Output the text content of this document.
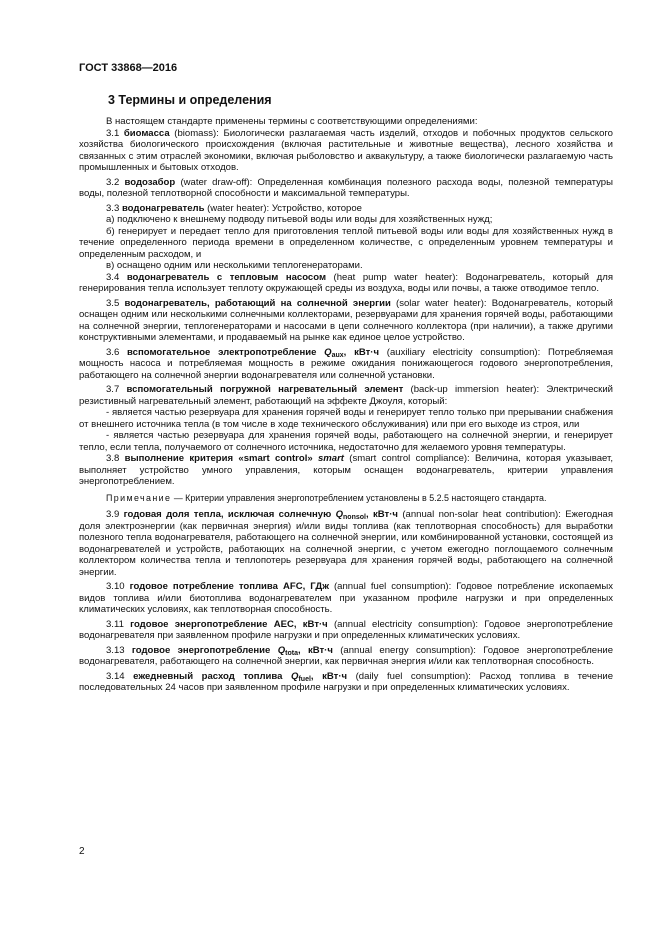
ГОСТ 33868—2016
3 Термины и определения

В настоящем стандарте применены термины с соответствующими определениями:

3.1 биомасса (biomass): Биологически разлагаемая часть изделий, отходов и побочных продуктов сельского хозяйства биологического происхождения (включая растительные и животные вещества), лесного хозяйства и связанных с этим отраслей экономики, включая рыболовство и аквакультуру, а также биологически разлагаемую часть промышленных и бытовых отходов.

3.2 водозабор (water draw-off): Определенная комбинация полезного расхода воды, полезной температуры воды, полезной теплотворной способности и максимальной температуры.

3.3 водонагреватель (water heater): Устройство, которое

а) подключено к внешнему подводу питьевой воды или воды для хозяйственных нужд;

б) генерирует и передает тепло для приготовления теплой питьевой воды или воды для хозяйственных нужд в течение определенного периода времени в определенном количестве, с определенным уровнем температуры и определенным расходом, и

в) оснащено одним или несколькими теплогенераторами.

3.4 водонагреватель с тепловым насосом (heat pump water heater): Водонагреватель, который для генерирования тепла использует теплоту окружающей среды из воздуха, воды или почвы, а также отводимое тепло.

3.5 водонагреватель, работающий на солнечной энергии (solar water heater): Водонагреватель, который оснащен одним или несколькими солнечными коллекторами, резервуарами для хранения горячей воды, работающими на солнечной энергии, теплогенераторами и насосами в цепи солнечного коллектора (при наличии), а также другими конструктивными элементами, и продаваемый на рынке как единое целое устройство.

3.6 вспомогательное электропотребление $Q_{aux}$, кВт·ч (auxiliary electricity consumption): Потребляемая мощность насоса и потребляемая мощность в режиме ожидания понижающегося годового энергопотребления, работающего на солнечной энергии водонагревателя или солнечной установки.

3.7 вспомогательный погружной нагревательный элемент (back-up immersion heater): Электрический резистивный нагревательный элемент, работающий на эффекте Джоуля, который:

- является частью резервуара для хранения горячей воды и генерирует тепло только при прерывании снабжения от внешнего источника тепла (в том числе в ходе технического обслуживания) или при его выходе из строя, или

- является частью резервуара для хранения горячей воды, работающего на солнечной энергии, и генерирует тепло, если тепла, получаемого от солнечного источника, недостаточно для желаемого уровня температуры.

3.8 выполнение критерия «smart control» smart (smart control compliance): Величина, которая указывает, выполняет устройство умного управления, которым оснащен водонагреватель, критерии управления энергопотреблением.

Примечание — Критерии управления энергопотреблением установлены в 5.2.5 настоящего стандарта.

3.9 годовая доля тепла, исключая солнечную $Q_{nonsol}$, кВт·ч (annual non-solar heat contribution): Ежегодная доля электроэнергии (как первичная энергия) и/или виды топлива (как теплотворная способность) для выработки полезного тепла водонагревателя, работающего на солнечной энергии, или комбинированной установки, состоящей из водонагревателей и устройств, работающих на солнечной энергии, с учетом ежегодно поглощаемого солнечным коллектором количества тепла и теплопотерь резервуара для хранения горячей воды, работающего на солнечной энергии.

3.10 годовое потребление топлива AFC, ГДж (annual fuel consumption): Годовое потребление ископаемых видов топлива и/или биотоплива водонагревателем при указанном профиле нагрузки и при определенных климатических условиях, как теплотворная способность.

3.11 годовое энергопотребление AEC, кВт·ч (annual electricity consumption): Годовое энергопотребление водонагревателя при заявленном профиле нагрузки и при определенных климатических условиях.

3.13 годовое энергопотребление $Q_{tota}$, кВт·ч (annual energy consumption): Годовое энергопотребление водонагревателя, работающего на солнечной энергии, как первичная энергия и/или как теплотворная способность.

3.14 ежедневный расход топлива $Q_{fuel}$, кВт·ч (daily fuel consumption): Расход топлива в течение последовательных 24 часов при заявленном профиле нагрузки и при определенных климатических условиях.

2
